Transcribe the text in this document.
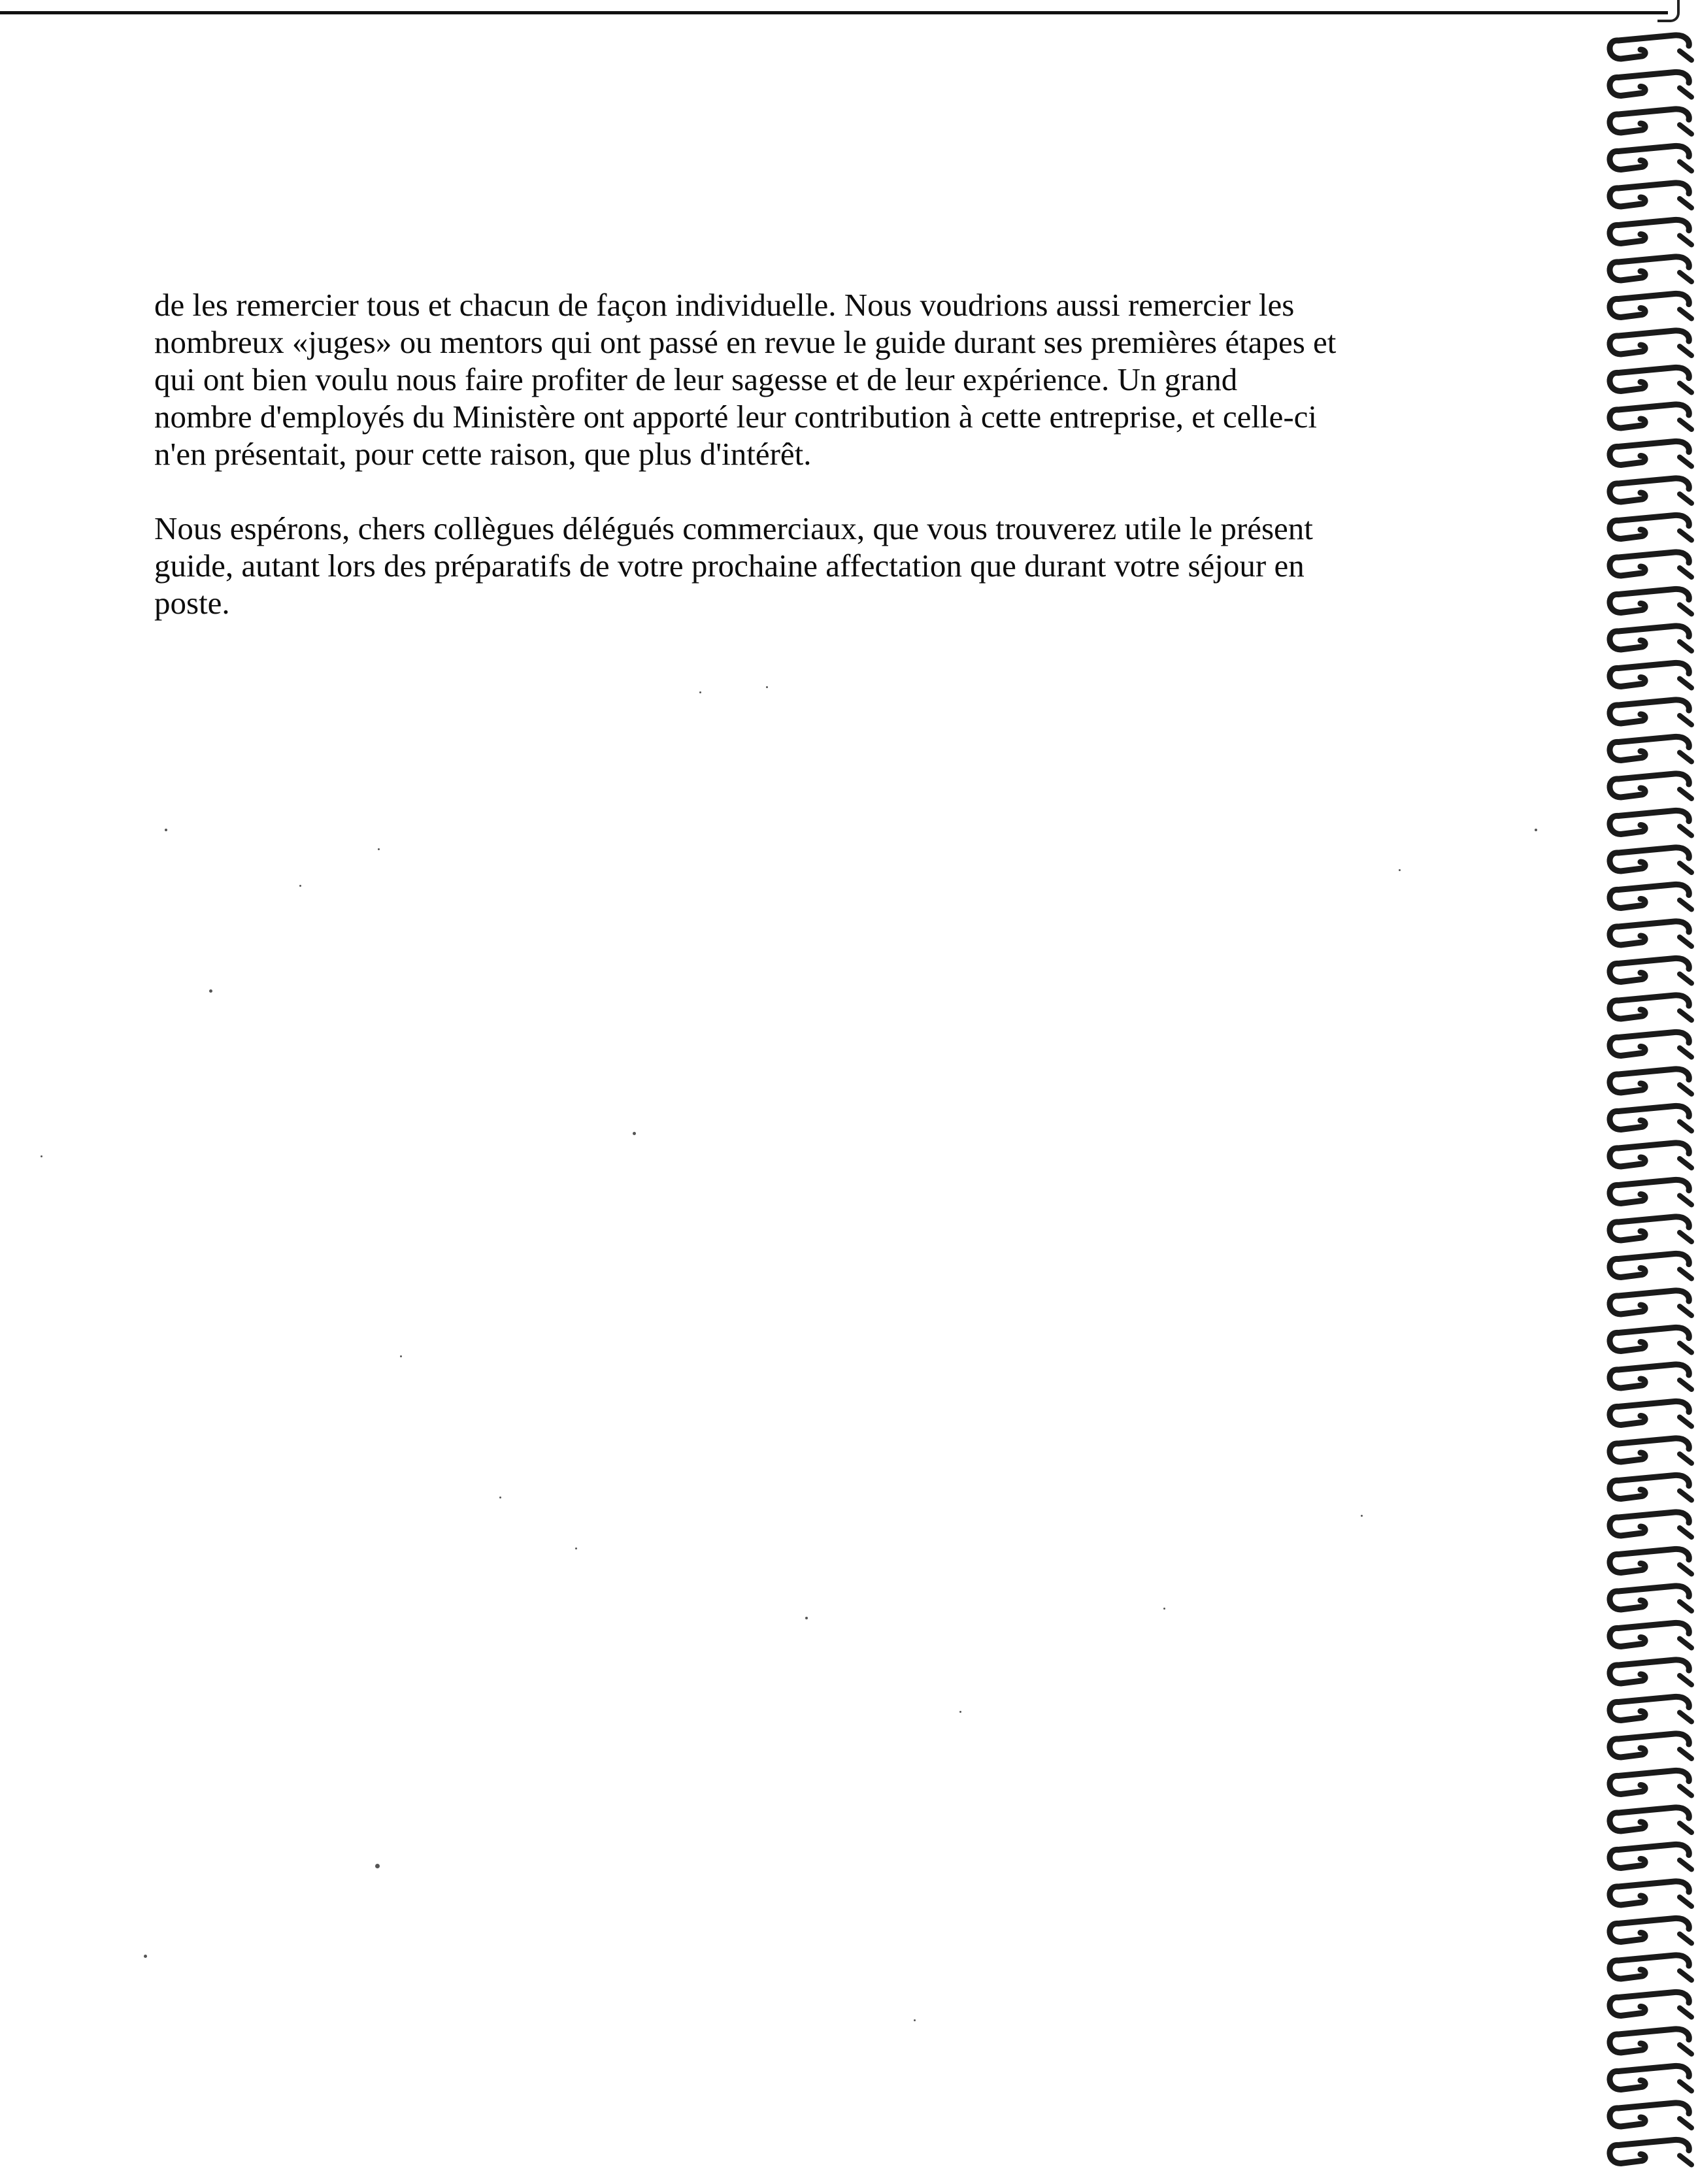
de les remercier tous et chacun de façon individuelle. Nous voudrions aussi remercier les
nombreux «juges» ou mentors qui ont passé en revue le guide durant ses premières étapes et
qui ont bien voulu nous faire profiter de leur sagesse et de leur expérience. Un grand
nombre d'employés du Ministère ont apporté leur contribution à cette entreprise, et celle-ci
n'en présentait, pour cette raison, que plus d'intérêt.

Nous espérons, chers collègues délégués commerciaux, que vous trouverez utile le présent
guide, autant lors des préparatifs de votre prochaine affectation que durant votre séjour en
poste.
